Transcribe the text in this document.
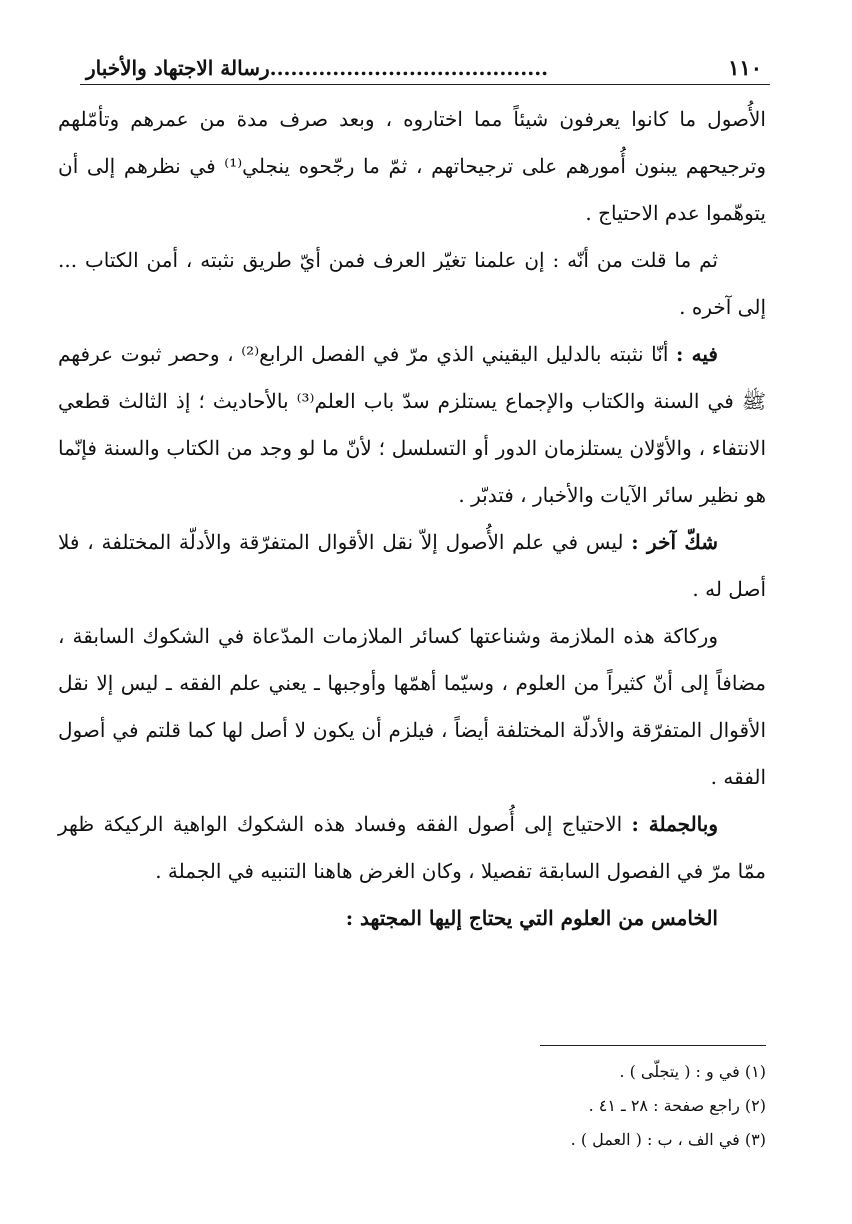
١١٠
........................................رسالة الاجتهاد والأخبار

الأُصول ما كانوا يعرفون شيئاً مما اختاروه ، وبعد صرف مدة من عمرهم وتأمّلهم وترجيحهم يبنون أُمورهم على ترجيحاتهم ، ثمّ ما رجّحوه ينجلي⁽¹⁾ في نظرهم إلى أن يتوهّموا عدم الاحتياج .

ثم ما قلت من أنّه : إن علمنا تغيّر العرف فمن أيّ طريق نثبته ، أمن الكتاب ... إلى آخره .

فيه : أنّا نثبته بالدليل اليقيني الذي مرّ في الفصل الرابع⁽²⁾ ، وحصر ثبوت عرفهم ﷺ في السنة والكتاب والإجماع يستلزم سدّ باب العلم⁽³⁾ بالأحاديث ؛ إذ الثالث قطعي الانتفاء ، والأوّلان يستلزمان الدور أو التسلسل ؛ لأنّ ما لو وجد من الكتاب والسنة فإنّما هو نظير سائر الآيات والأخبار ، فتدبّر .

شكّ آخر : ليس في علم الأُصول إلاّ نقل الأقوال المتفرّقة والأدلّة المختلفة ، فلا أصل له .

وركاكة هذه الملازمة وشناعتها كسائر الملازمات المدّعاة في الشكوك السابقة ، مضافاً إلى أنّ كثيراً من العلوم ، وسيّما أهمّها وأوجبها ـ يعني علم الفقه ـ ليس إلا نقل الأقوال المتفرّقة والأدلّة المختلفة أيضاً ، فيلزم أن يكون لا أصل لها كما قلتم في أصول الفقه .

وبالجملة : الاحتياج إلى أُصول الفقه وفساد هذه الشكوك الواهية الركيكة ظهر ممّا مرّ في الفصول السابقة تفصيلا ، وكان الغرض هاهنا التنبيه في الجملة .

الخامس من العلوم التي يحتاج إليها المجتهد :

(١) في و : ( يتجلّى ) .
(٢) راجع صفحة : ٢٨ ـ ٤١ .
(٣) في الف ، ب : ( العمل ) .
